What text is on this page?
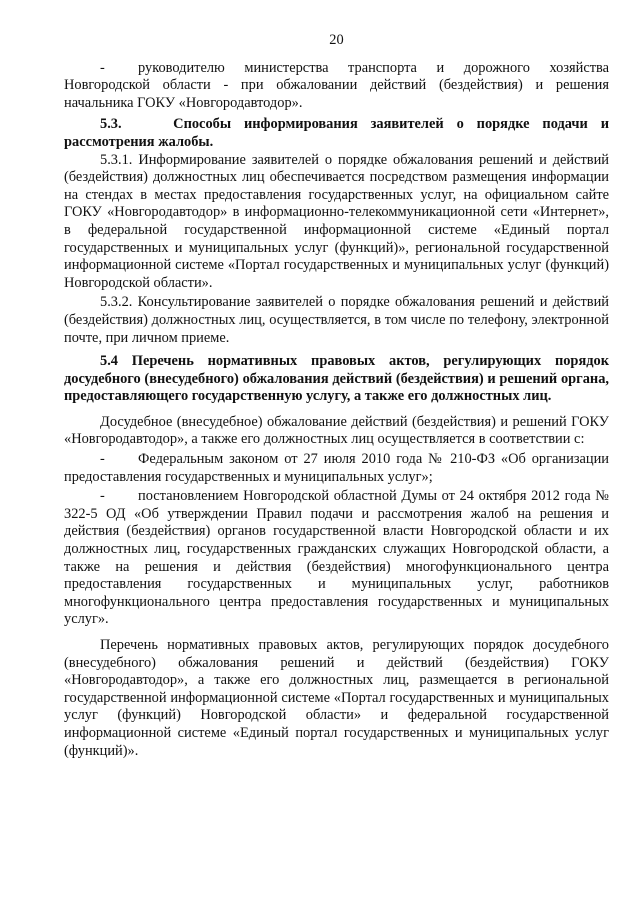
20

- руководителю министерства транспорта и дорожного хозяйства Новгородской области - при обжаловании действий (бездействия) и решения начальника ГОКУ «Новгородавтодор».

5.3.	Способы информирования заявителей о порядке подачи и рассмотрения жалобы.

5.3.1. Информирование заявителей о порядке обжалования решений и действий (бездействия) должностных лиц обеспечивается посредством размещения информации на стендах в местах предоставления государственных услуг, на официальном сайте ГОКУ «Новгородавтодор» в информационно-телекоммуникационной сети «Интернет», в федеральной государственной информационной системе «Единый портал государственных и муниципальных услуг (функций)», региональной государственной информационной системе «Портал государственных и муниципальных услуг (функций) Новгородской области».

5.3.2. Консультирование заявителей о порядке обжалования решений и действий (бездействия) должностных лиц, осуществляется, в том числе по телефону, электронной почте, при личном приеме.

5.4 Перечень нормативных правовых актов, регулирующих порядок досудебного (внесудебного) обжалования действий (бездействия) и решений органа, предоставляющего государственную услугу, а также его должностных лиц.

Досудебное (внесудебное) обжалование действий (бездействия) и решений ГОКУ «Новгородавтодор», а также его должностных лиц осуществляется в соответствии с:

- Федеральным законом от 27 июля 2010 года № 210-ФЗ «Об организации предоставления государственных и муниципальных услуг»;

- постановлением Новгородской областной Думы от 24 октября 2012 года № 322-5 ОД «Об утверждении Правил подачи и рассмотрения жалоб на решения и действия (бездействия) органов государственной власти Новгородской области и их должностных лиц, государственных гражданских служащих Новгородской области, а также на решения и действия (бездействия) многофункционального центра предоставления государственных и муниципальных услуг, работников многофункционального центра предоставления государственных и муниципальных услуг».

Перечень нормативных правовых актов, регулирующих порядок досудебного (внесудебного) обжалования решений и действий (бездействия) ГОКУ «Новгородавтодор», а также его должностных лиц, размещается в региональной государственной информационной системе «Портал государственных и муниципальных услуг (функций) Новгородской области» и федеральной государственной информационной системе «Единый портал государственных и муниципальных услуг (функций)».
